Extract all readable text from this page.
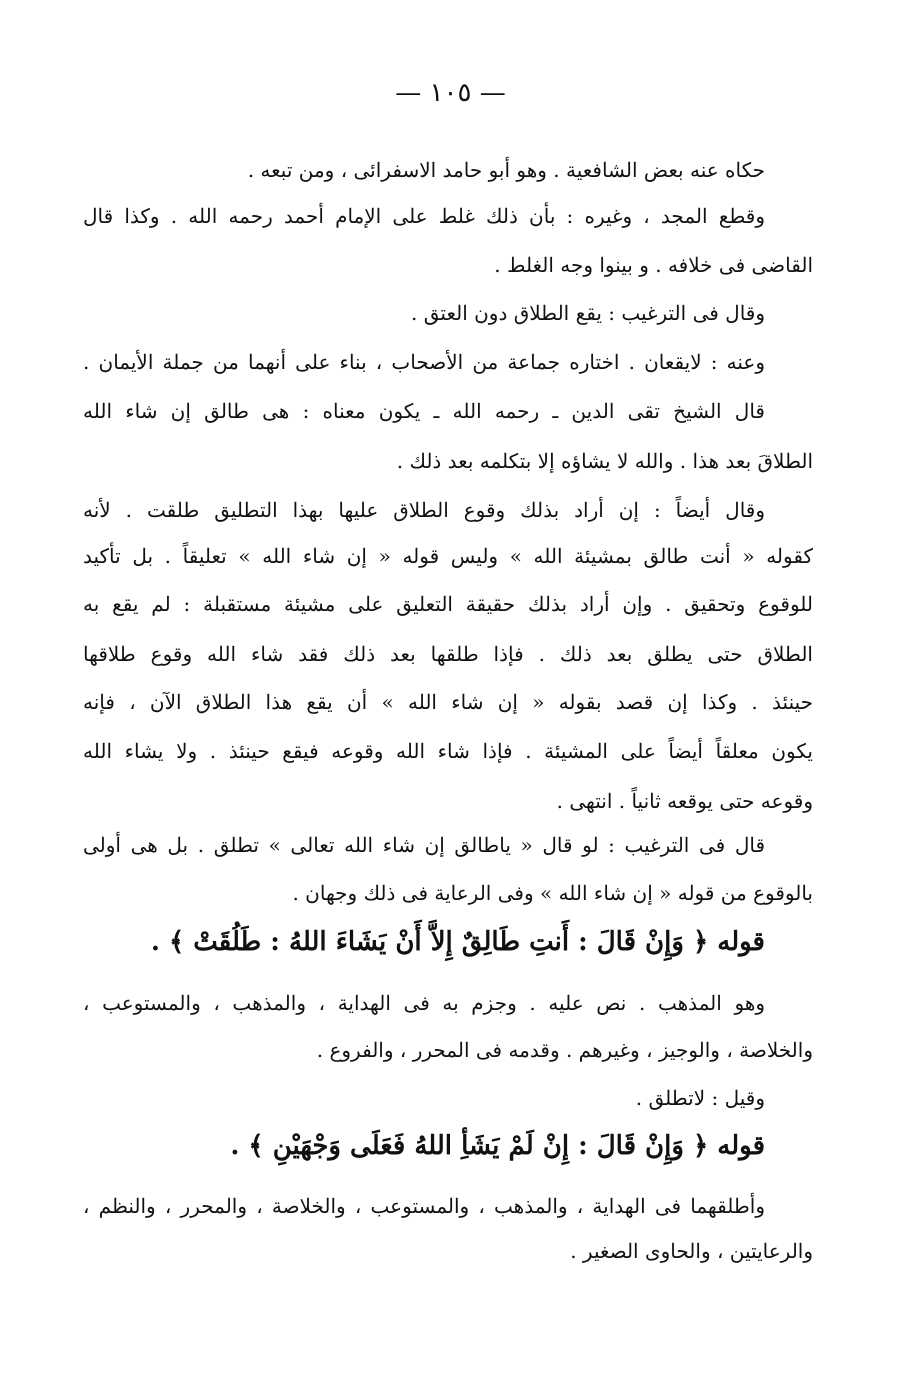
— ١٠٥ —
حكاه عنه بعض الشافعية . وهو أبو حامد الاسفرائى ، ومن تبعه .
وقطع المجد ، وغيره : بأن ذلك غلط على الإمام أحمد رحمه الله . وكذا قال
القاضى فى خلافه . و بينوا وجه الغلط .
وقال فى الترغيب : يقع الطلاق دون العتق .
وعنه : لايقعان . اختاره جماعة من الأصحاب ، بناء على أنهما من جملة الأيمان .
قال الشيخ تقى الدين ـ رحمه الله ـ يكون معناه : هى طالق إن شاء الله
الطلاقَ بعد هذا . والله لا يشاؤه إلا بتكلمه بعد ذلك .
وقال أيضاً : إن أراد بذلك وقوع الطلاق عليها بهذا التطليق طلقت . لأنه
كقوله « أنت طالق بمشيئة الله » وليس قوله « إن شاء الله » تعليقاً . بل تأكيد
للوقوع وتحقيق . وإن أراد بذلك حقيقة التعليق على مشيئة مستقبلة : لم يقع به
الطلاق حتى يطلق بعد ذلك . فإذا طلقها بعد ذلك فقد شاء الله وقوع طلاقها
حينئذ . وكذا إن قصد بقوله « إن شاء الله » أن يقع هذا الطلاق الآن ، فإنه
يكون معلقاً أيضاً على المشيئة . فإذا شاء الله وقوعه فيقع حينئذ . ولا يشاء الله
وقوعه حتى يوقعه ثانياً . انتهى .
قال فى الترغيب : لو قال « ياطالق إن شاء الله تعالى » تطلق . بل هى أولى
بالوقوع من قوله « إن شاء الله » وفى الرعاية فى ذلك وجهان .
قوله ﴿ وَإِنْ قَالَ : أَنتِ طَالِقٌ إِلاَّ أَنْ يَشَاءَ اللهُ : طَلُقَتْ ﴾ .
وهو المذهب . نص عليه . وجزم به فى الهداية ، والمذهب ، والمستوعب ،
والخلاصة ، والوجيز ، وغيرهم . وقدمه فى المحرر ، والفروع .
وقيل : لاتطلق .
قوله ﴿ وَإِنْ قَالَ : إِنْ لَمْ يَشَأِ اللهُ فَعَلَى وَجْهَيْنِ ﴾ .
وأطلقهما فى الهداية ، والمذهب ، والمستوعب ، والخلاصة ، والمحرر ، والنظم ،
والرعايتين ، والحاوى الصغير .
